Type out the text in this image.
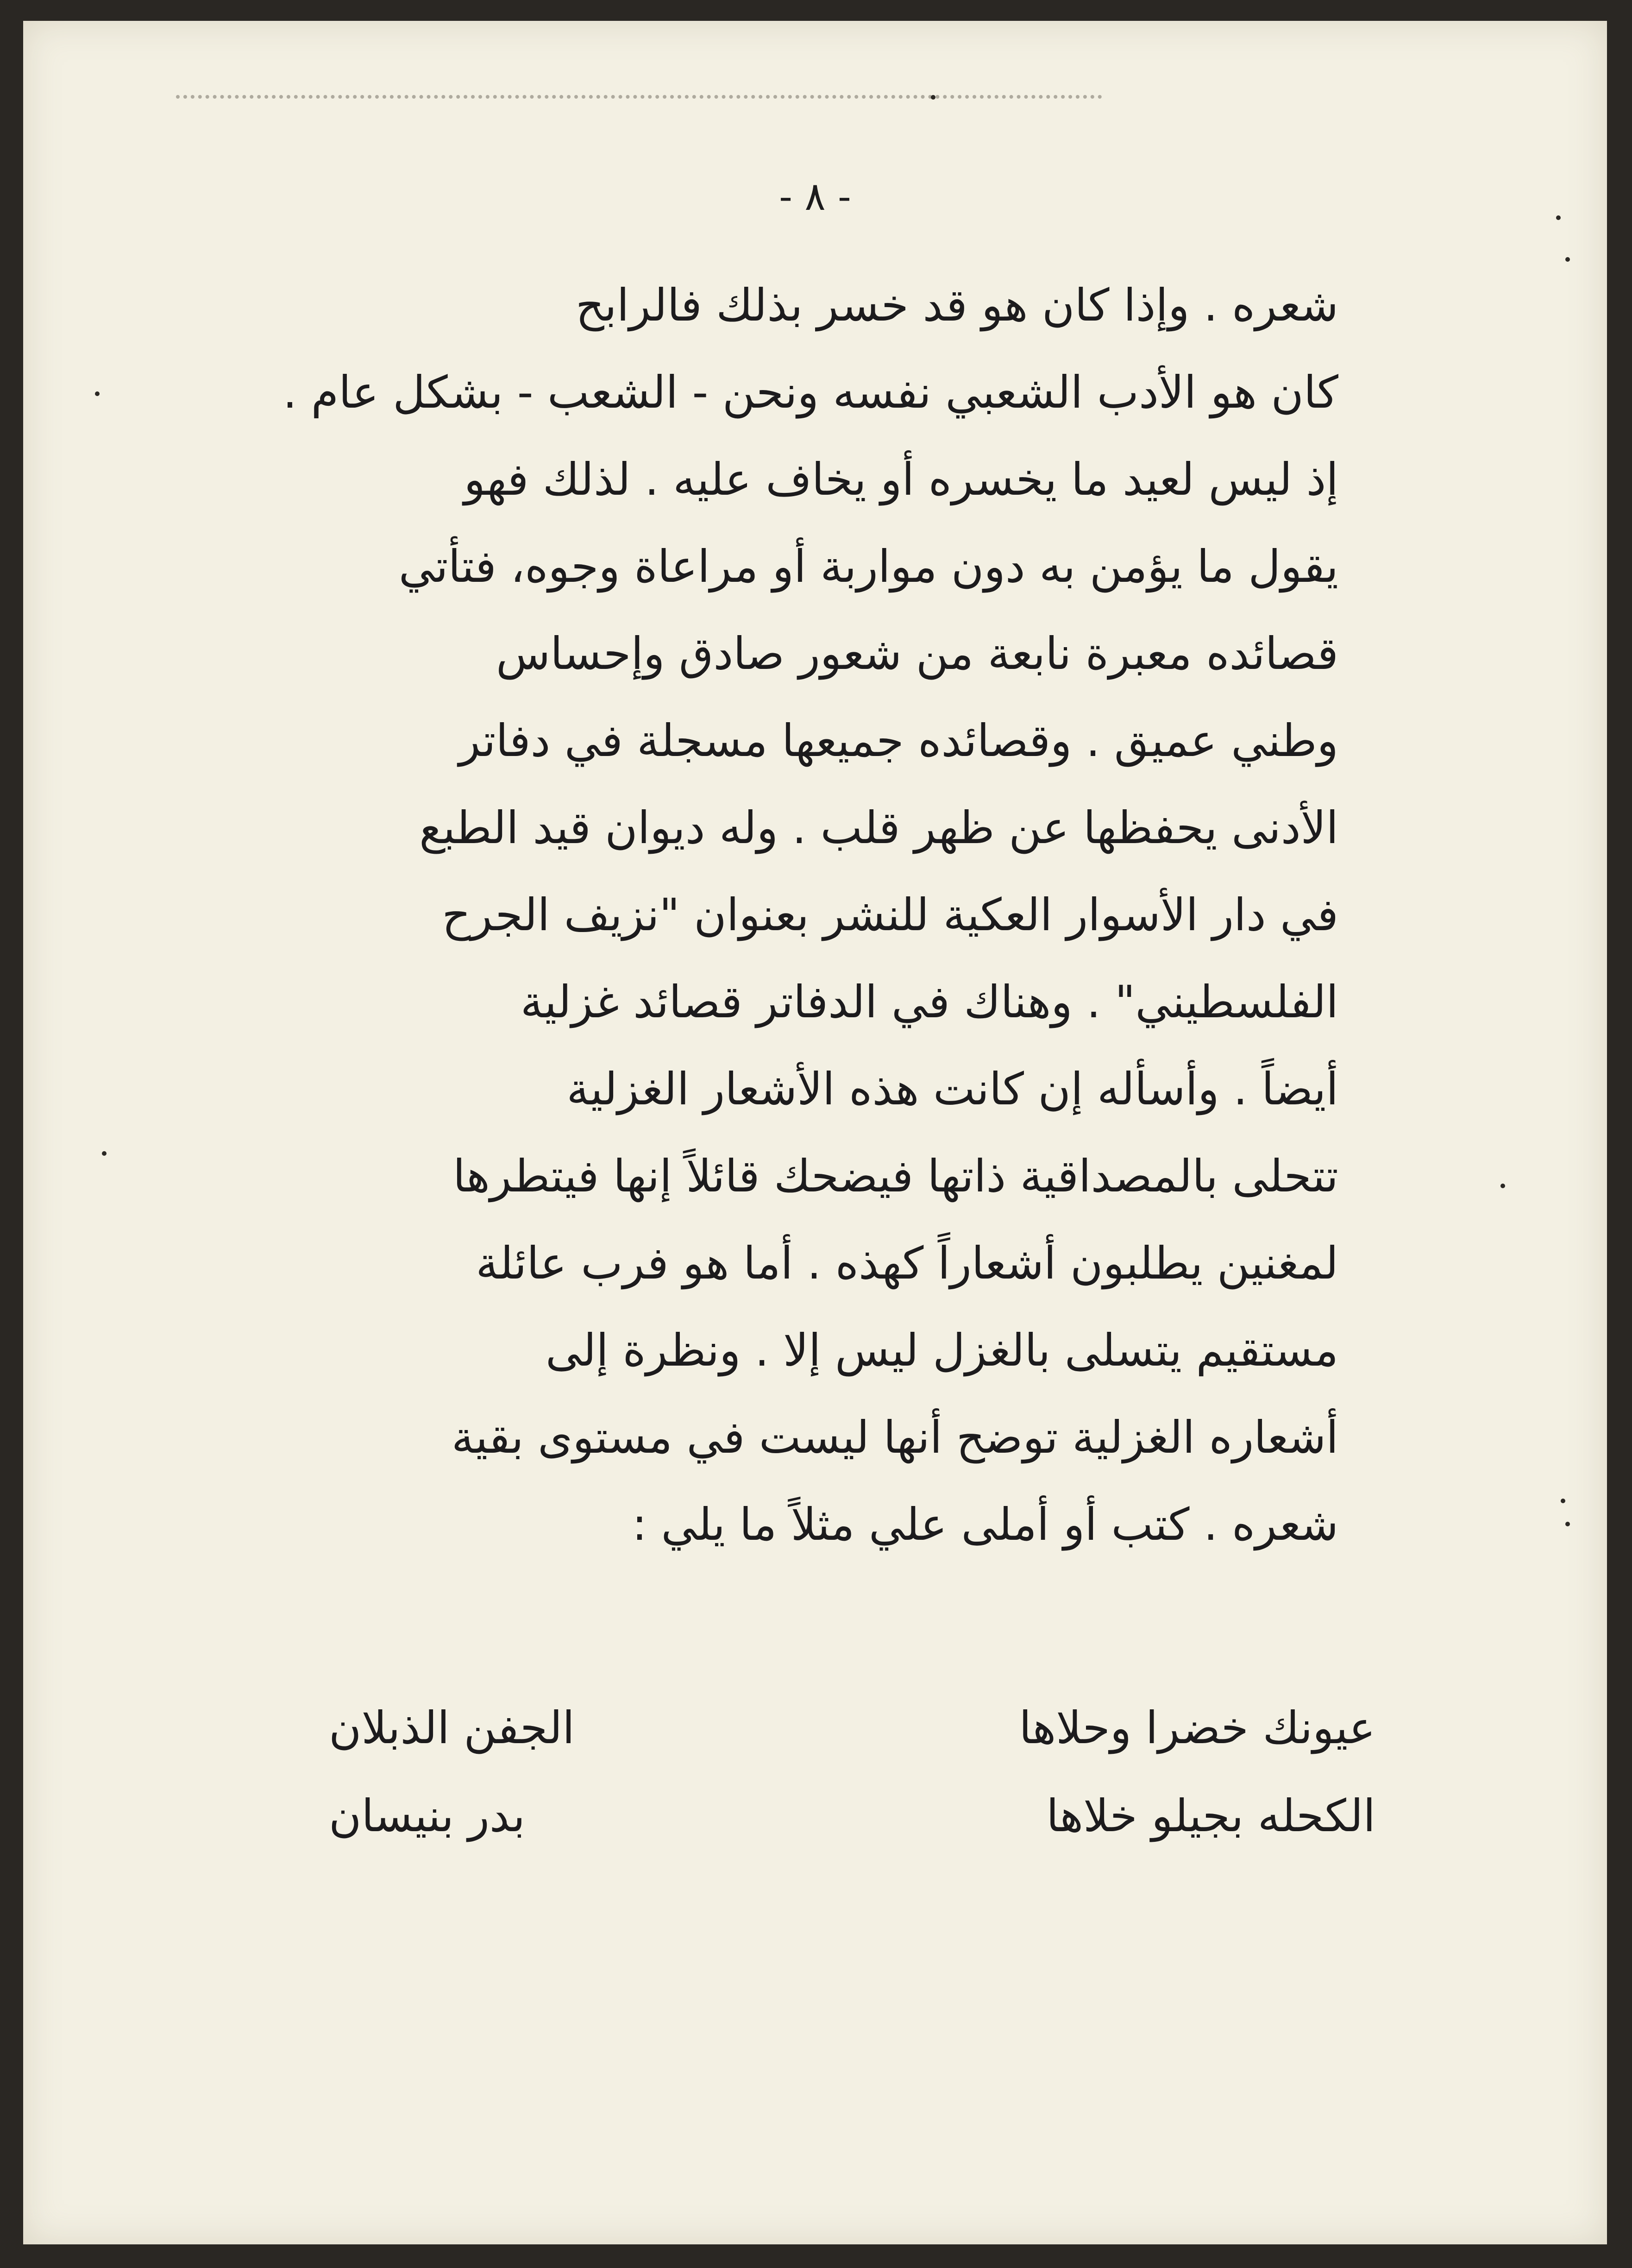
- ٨ -
شعره . وإذا كان هو قد خسر بذلك فالرابح
كان هو الأدب الشعبي نفسه ونحن - الشعب - بشكل عام .
إذ ليس لعيد ما يخسره أو يخاف عليه . لذلك فهو
يقول ما يؤمن به دون مواربة أو مراعاة وجوه، فتأتي
قصائده معبرة نابعة من شعور صادق وإحساس
وطني عميق . وقصائده جميعها مسجلة في دفاتر
الأدنى يحفظها عن ظهر قلب . وله ديوان قيد الطبع
في دار الأسوار العكية للنشر بعنوان "نزيف الجرح
الفلسطيني" . وهناك في الدفاتر قصائد غزلية
أيضاً . وأسأله إن كانت هذه الأشعار الغزلية
تتحلى بالمصداقية ذاتها فيضحك قائلاً إنها فيتطرها
لمغنين يطلبون أشعاراً كهذه . أما هو فرب عائلة
مستقيم يتسلى بالغزل ليس إلا . ونظرة إلى
أشعاره الغزلية توضح أنها ليست في مستوى بقية
شعره . كتب أو أملى علي مثلاً ما يلي :
عيونك خضرا وحلاها
الجفن الذبلان
الكحله بجيلو خلاها
بدر بنيسان
